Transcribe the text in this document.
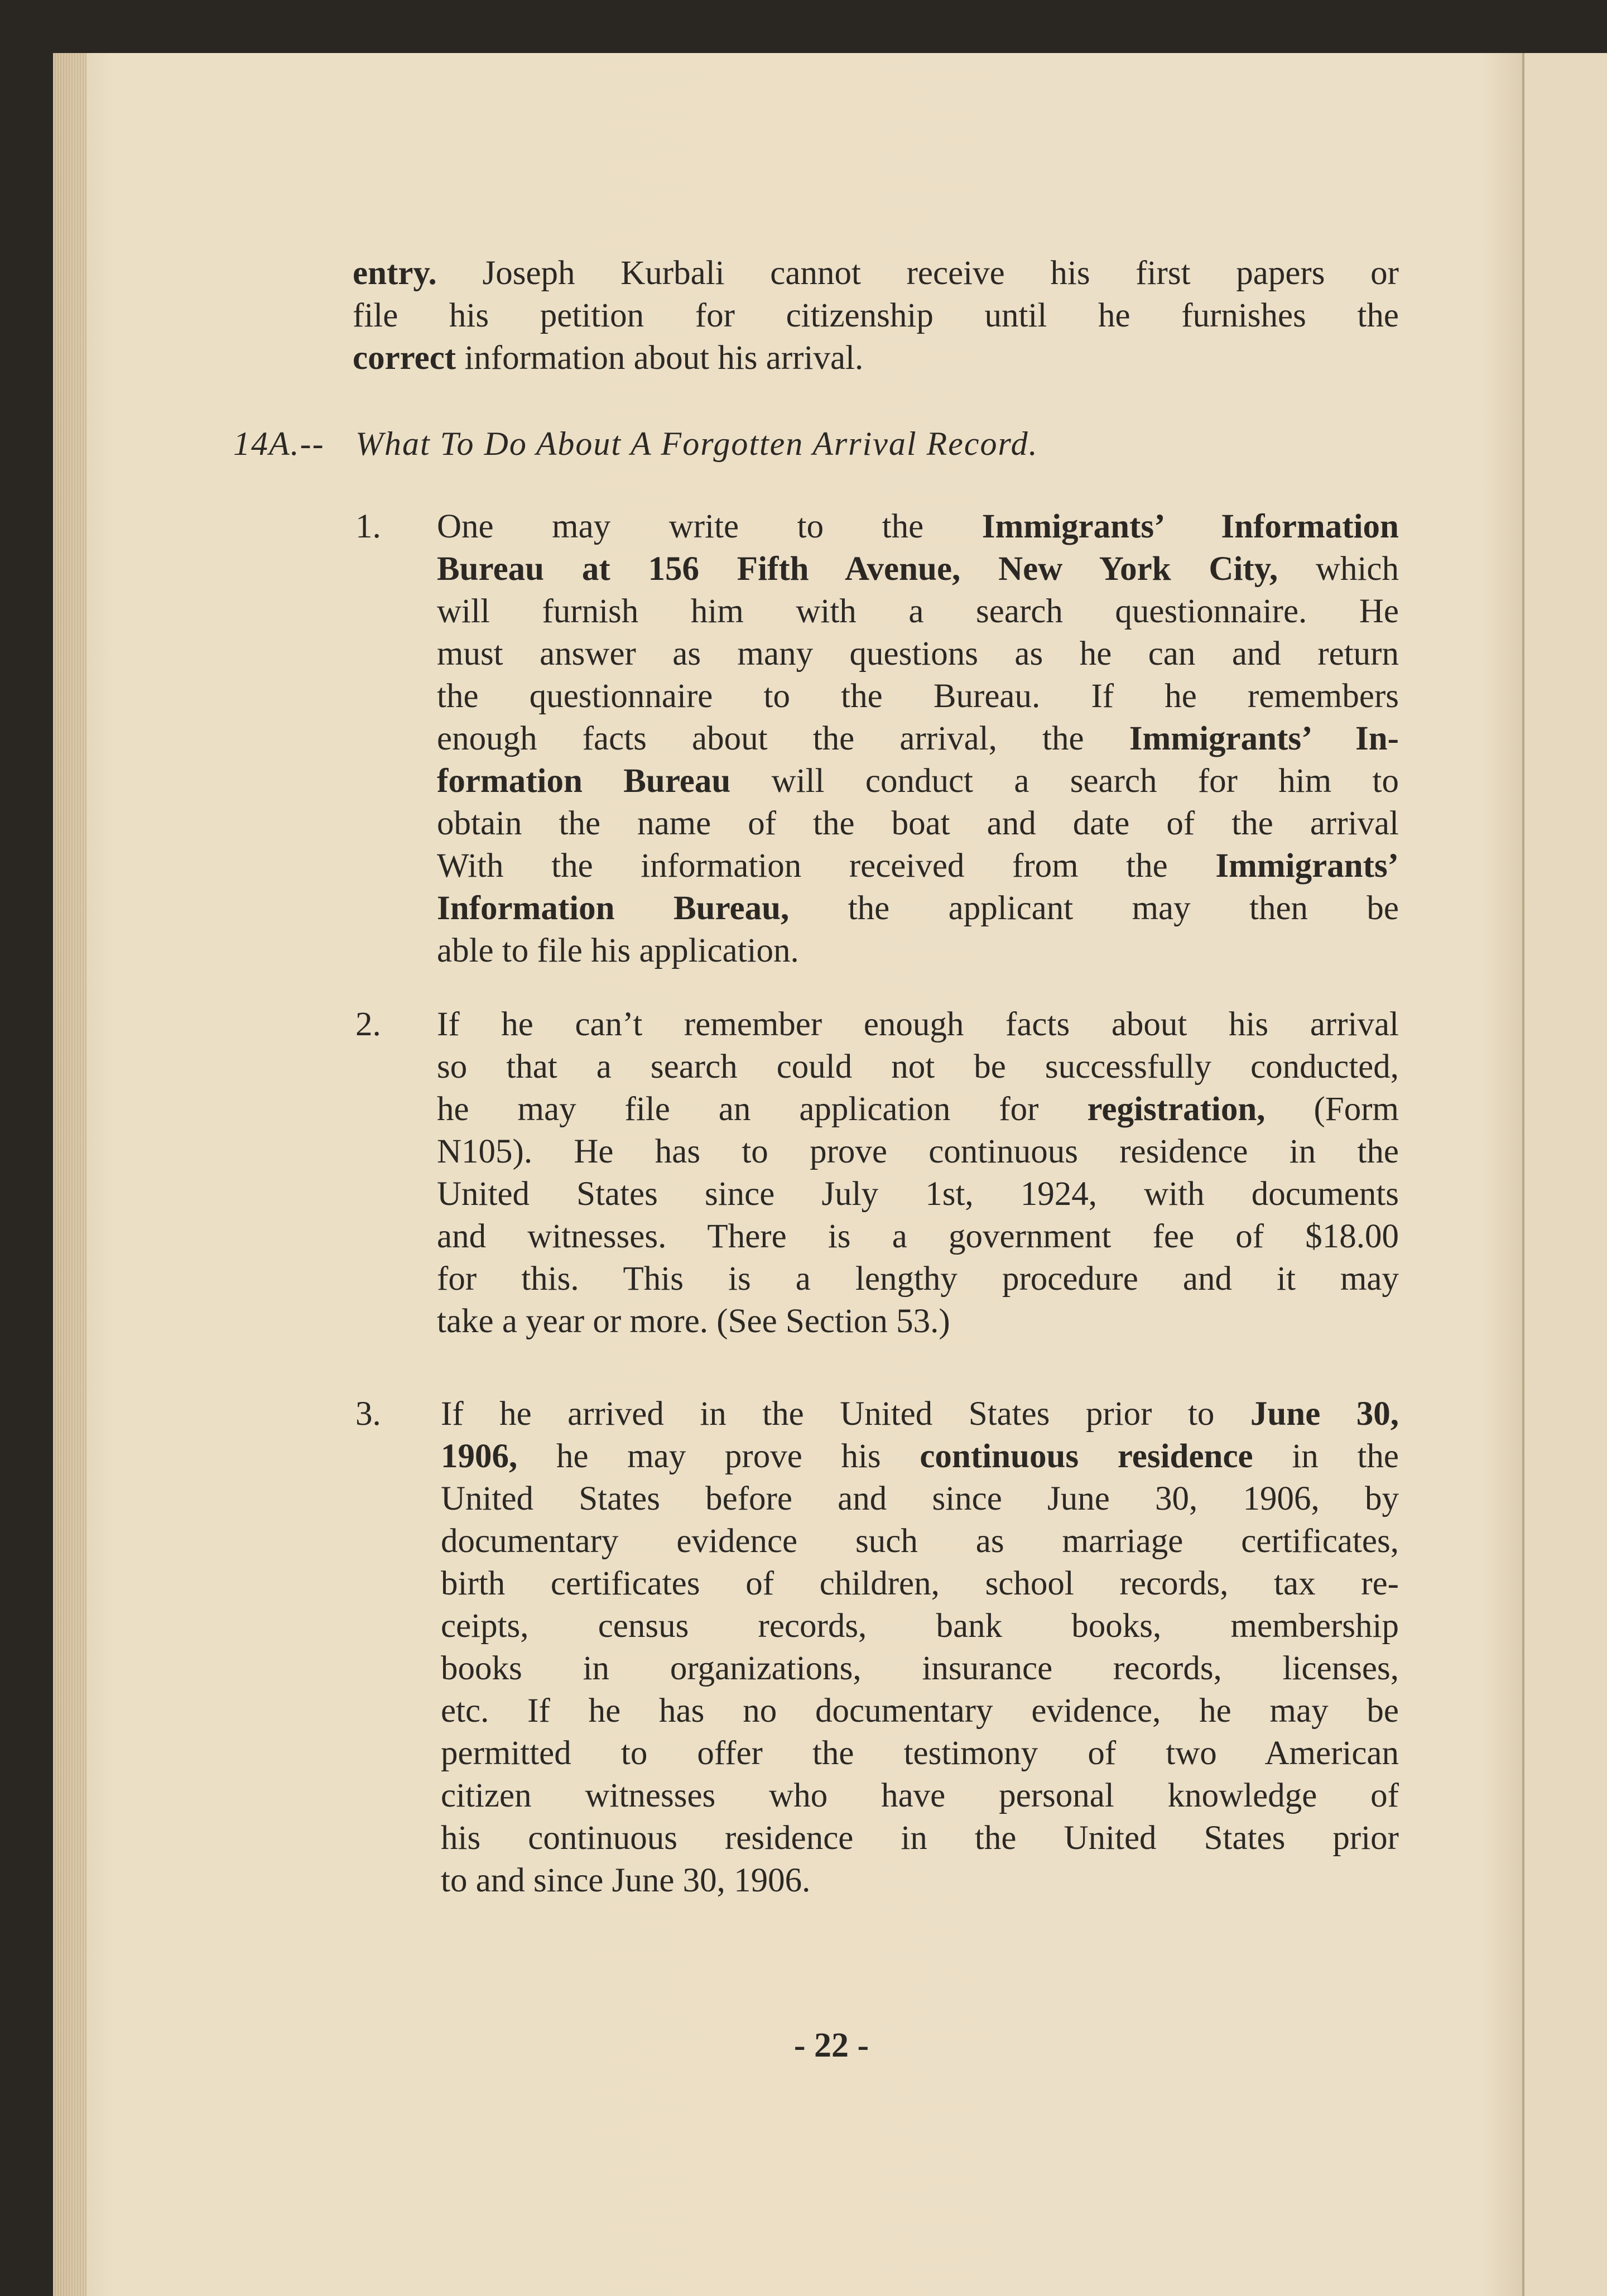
entry. Joseph Kurbali cannot receive his first papers or
file his petition for citizenship until he furnishes the
correct information about his arrival.
14A.-- What To Do About A Forgotten Arrival Record.
1. One may write to the Immigrants’ Information
Bureau at 156 Fifth Avenue, New York City, which
will furnish him with a search questionnaire. He
must answer as many questions as he can and return
the questionnaire to the Bureau. If he remembers
enough facts about the arrival, the Immigrants’ In-
formation Bureau will conduct a search for him to
obtain the name of the boat and date of the arrival
With the information received from the Immigrants’
Information Bureau, the applicant may then be
able to file his application.
2. If he can’t remember enough facts about his arrival
so that a search could not be successfully conducted,
he may file an application for registration, (Form
N105). He has to prove continuous residence in the
United States since July 1st, 1924, with documents
and witnesses. There is a government fee of $18.00
for this. This is a lengthy procedure and it may
take a year or more. (See Section 53.)
3. If he arrived in the United States prior to June 30,
1906, he may prove his continuous residence in the
United States before and since June 30, 1906, by
documentary evidence such as marriage certificates,
birth certificates of children, school records, tax re-
ceipts, census records, bank books, membership
books in organizations, insurance records, licenses,
etc. If he has no documentary evidence, he may be
permitted to offer the testimony of two American
citizen witnesses who have personal knowledge of
his continuous residence in the United States prior
to and since June 30, 1906.
- 22 -
